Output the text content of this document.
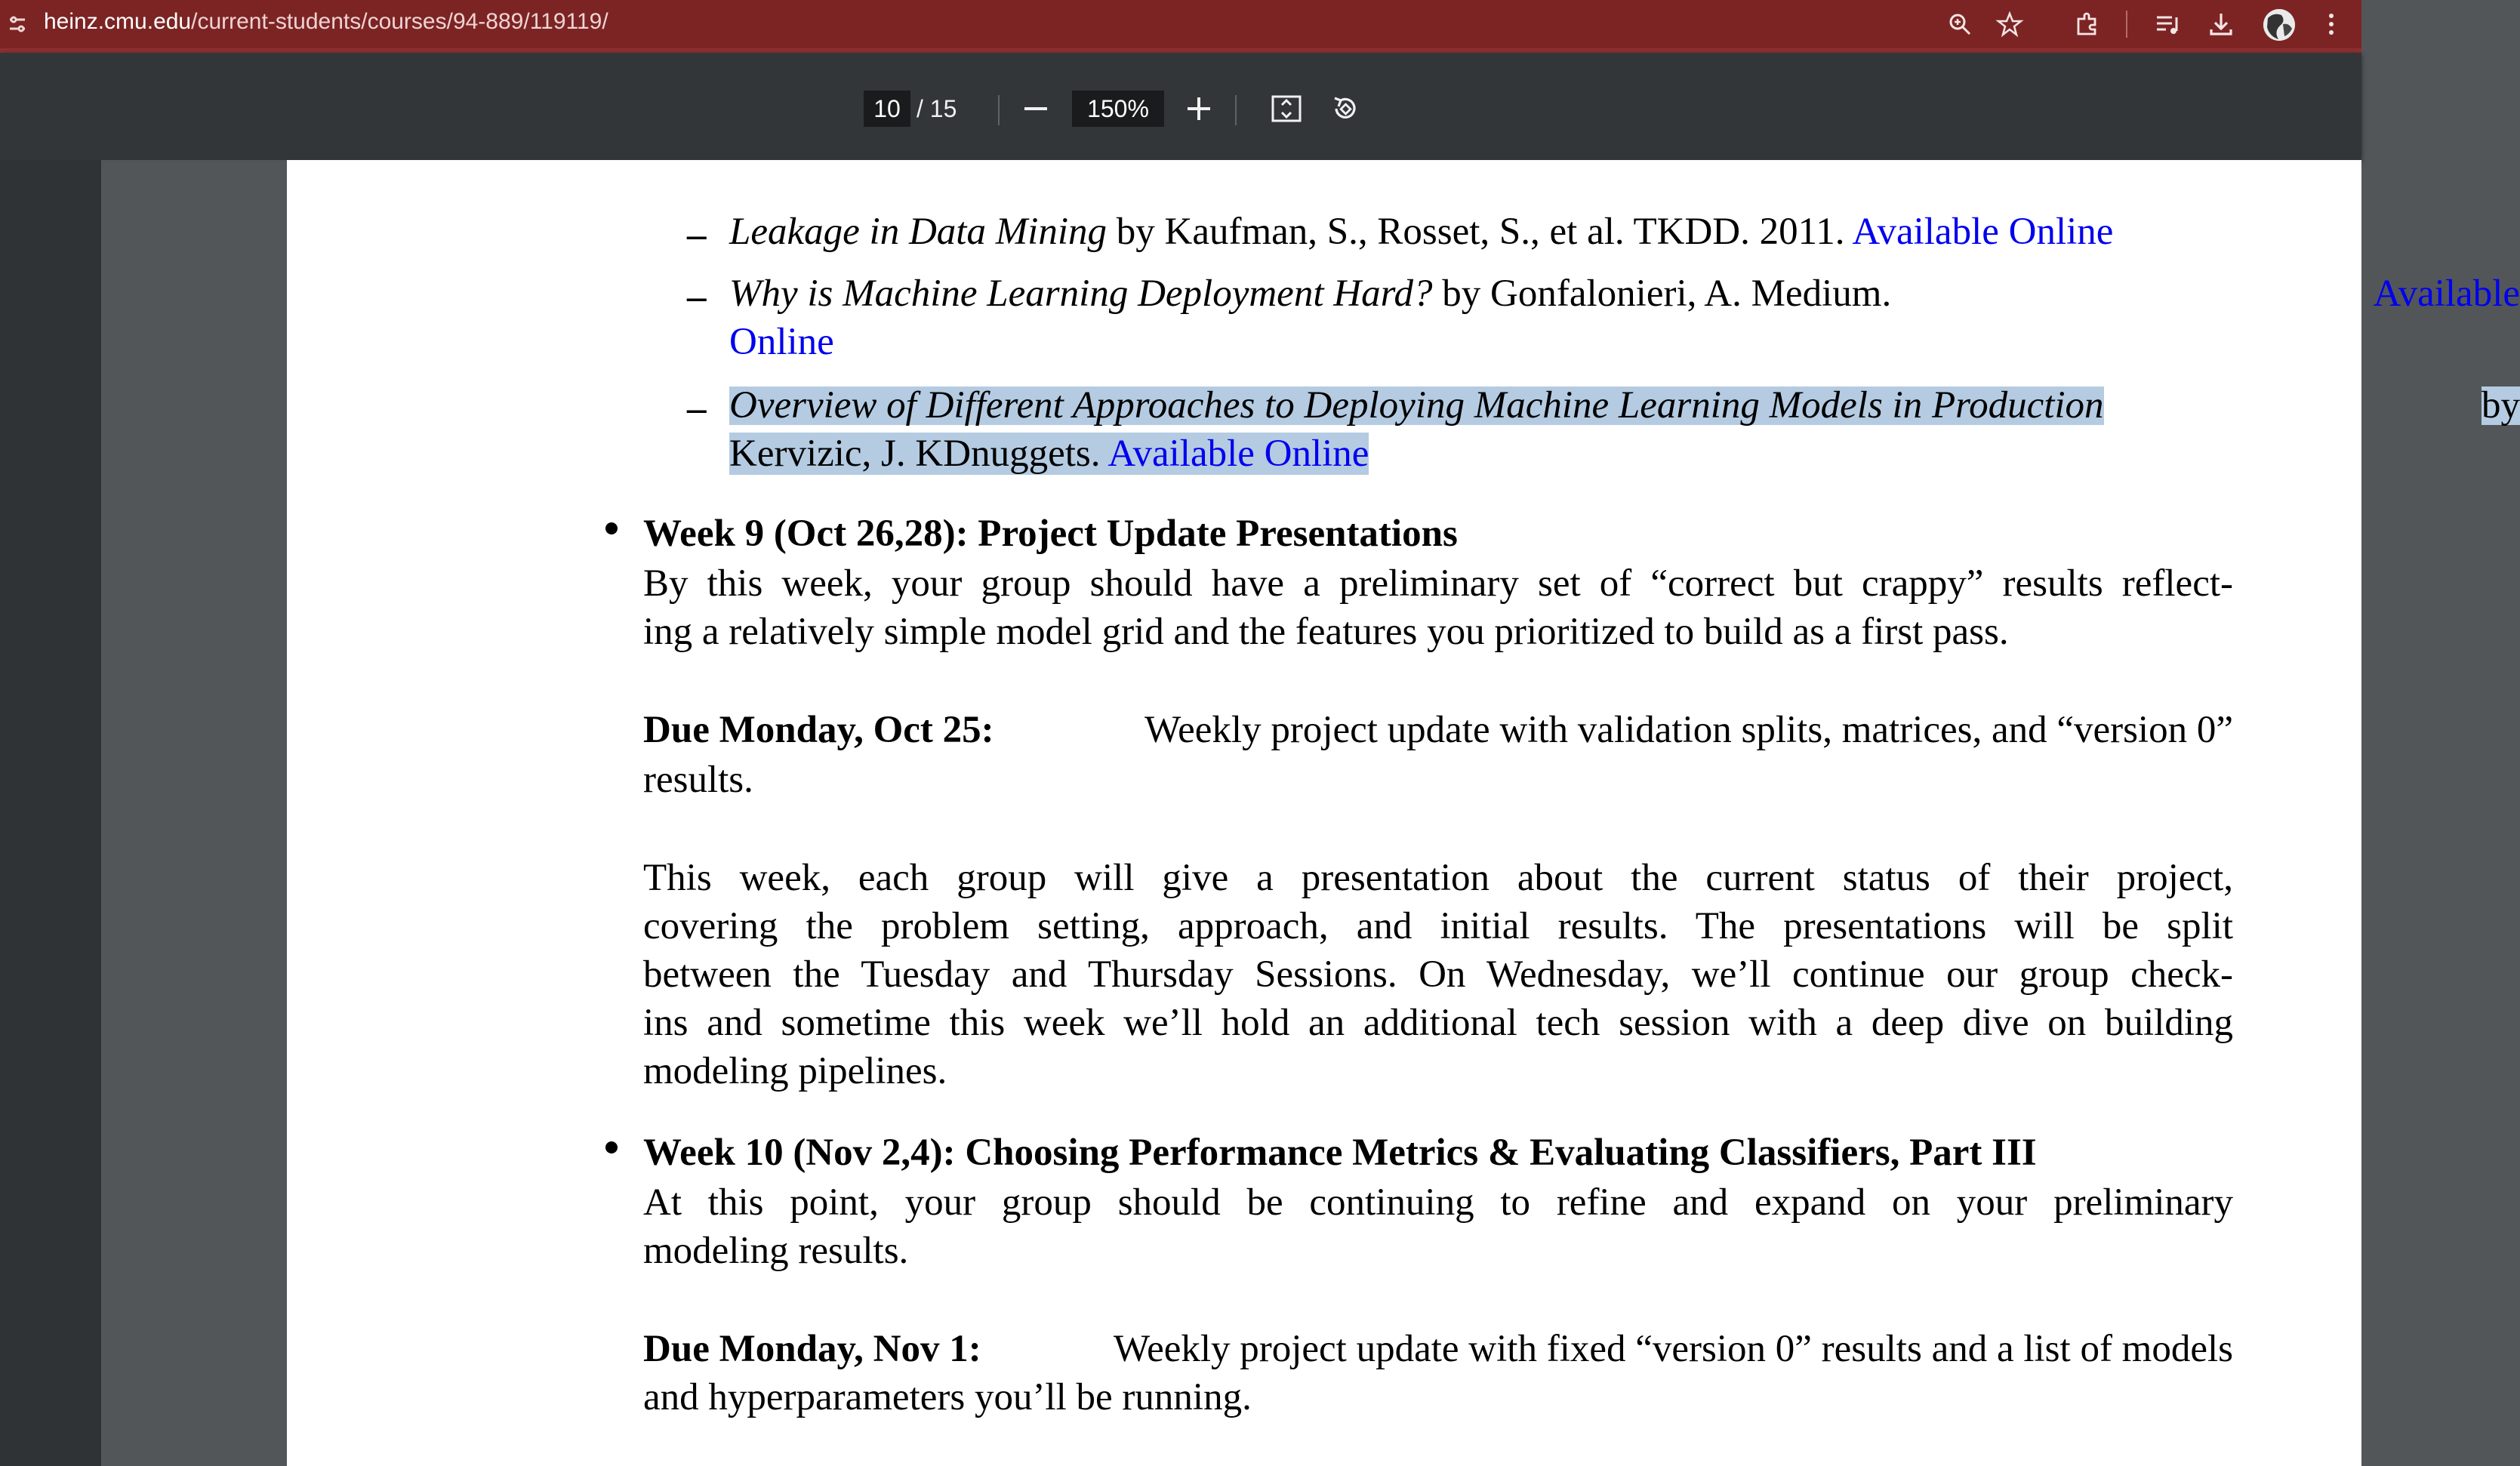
heinz.cmu.edu/current-students/courses/94-889/119119/
10 / 15	150%
– Leakage in Data Mining by Kaufman, S., Rosset, S., et al. TKDD. 2011. Available Online
– Why is Machine Learning Deployment Hard? by Gonfalonieri, A. Medium.	Available
Online
– Overview of Different Approaches to Deploying Machine Learning Models in Production	by
Kervizic, J. KDnuggets. Available Online
Week 9 (Oct 26,28): Project Update Presentations
By this week, your group should have a preliminary set of “correct but crappy” results reflect-
ing a relatively simple model grid and the features you prioritized to build as a first pass.
Due Monday, Oct 25:	Weekly project update with validation splits, matrices, and “version 0”
results.
This week, each group will give a presentation about the current status of their project,
covering the problem setting, approach, and initial results. The presentations will be split
between the Tuesday and Thursday Sessions. On Wednesday, we’ll continue our group check-
ins and sometime this week we’ll hold an additional tech session with a deep dive on building
modeling pipelines.
Week 10 (Nov 2,4): Choosing Performance Metrics & Evaluating Classifiers, Part III
At this point, your group should be continuing to refine and expand on your preliminary
modeling results.
Due Monday, Nov 1:	Weekly project update with fixed “version 0” results and a list of models
and hyperparameters you’ll be running.
